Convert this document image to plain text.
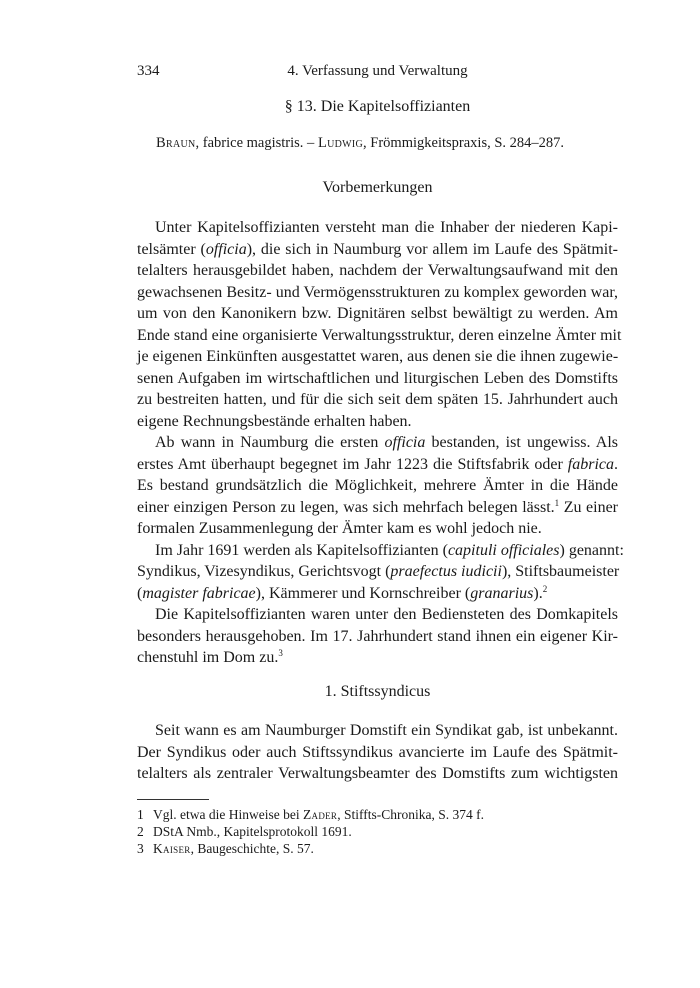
334	4. Verfassung und Verwaltung
§ 13. Die Kapitelsoffizianten
Braun, fabrice magistris. – Ludwig, Frömmigkeitspraxis, S. 284–287.
Vorbemerkungen
Unter Kapitelsoffizianten versteht man die Inhaber der niederen Kapi-
telsämter (officia), die sich in Naumburg vor allem im Laufe des Spätmit-
telalters herausgebildet haben, nachdem der Verwaltungsaufwand mit den
gewachsenen Besitz- und Vermögensstrukturen zu komplex geworden war,
um von den Kanonikern bzw. Dignitären selbst bewältigt zu werden. Am
Ende stand eine organisierte Verwaltungsstruktur, deren einzelne Ämter mit
je eigenen Einkünften ausgestattet waren, aus denen sie die ihnen zugewie-
senen Aufgaben im wirtschaftlichen und liturgischen Leben des Domstifts
zu bestreiten hatten, und für die sich seit dem späten 15. Jahrhundert auch
eigene Rechnungsbestände erhalten haben.
Ab wann in Naumburg die ersten officia bestanden, ist ungewiss. Als
erstes Amt überhaupt begegnet im Jahr 1223 die Stiftsfabrik oder fabrica.
Es bestand grundsätzlich die Möglichkeit, mehrere Ämter in die Hände
einer einzigen Person zu legen, was sich mehrfach belegen lässt.$^1$ Zu einer
formalen Zusammenlegung der Ämter kam es wohl jedoch nie.
Im Jahr 1691 werden als Kapitelsoffizianten (capituli officiales) genannt:
Syndikus, Vizesyndikus, Gerichtsvogt (praefectus iudicii), Stiftsbaumeister
(magister fabricae), Kämmerer und Kornschreiber (granarius).$^2$
Die Kapitelsoffizianten waren unter den Bediensteten des Domkapitels
besonders herausgehoben. Im 17. Jahrhundert stand ihnen ein eigener Kir-
chenstuhl im Dom zu.$^3$
1. Stiftssyndicus
Seit wann es am Naumburger Domstift ein Syndikat gab, ist unbekannt.
Der Syndikus oder auch Stiftssyndikus avancierte im Laufe des Spätmit-
telalters als zentraler Verwaltungsbeamter des Domstifts zum wichtigsten
1 Vgl. etwa die Hinweise bei Zader, Stiffts-Chronika, S. 374 f.
2 DStA Nmb., Kapitelsprotokoll 1691.
3 Kaiser, Baugeschichte, S. 57.
